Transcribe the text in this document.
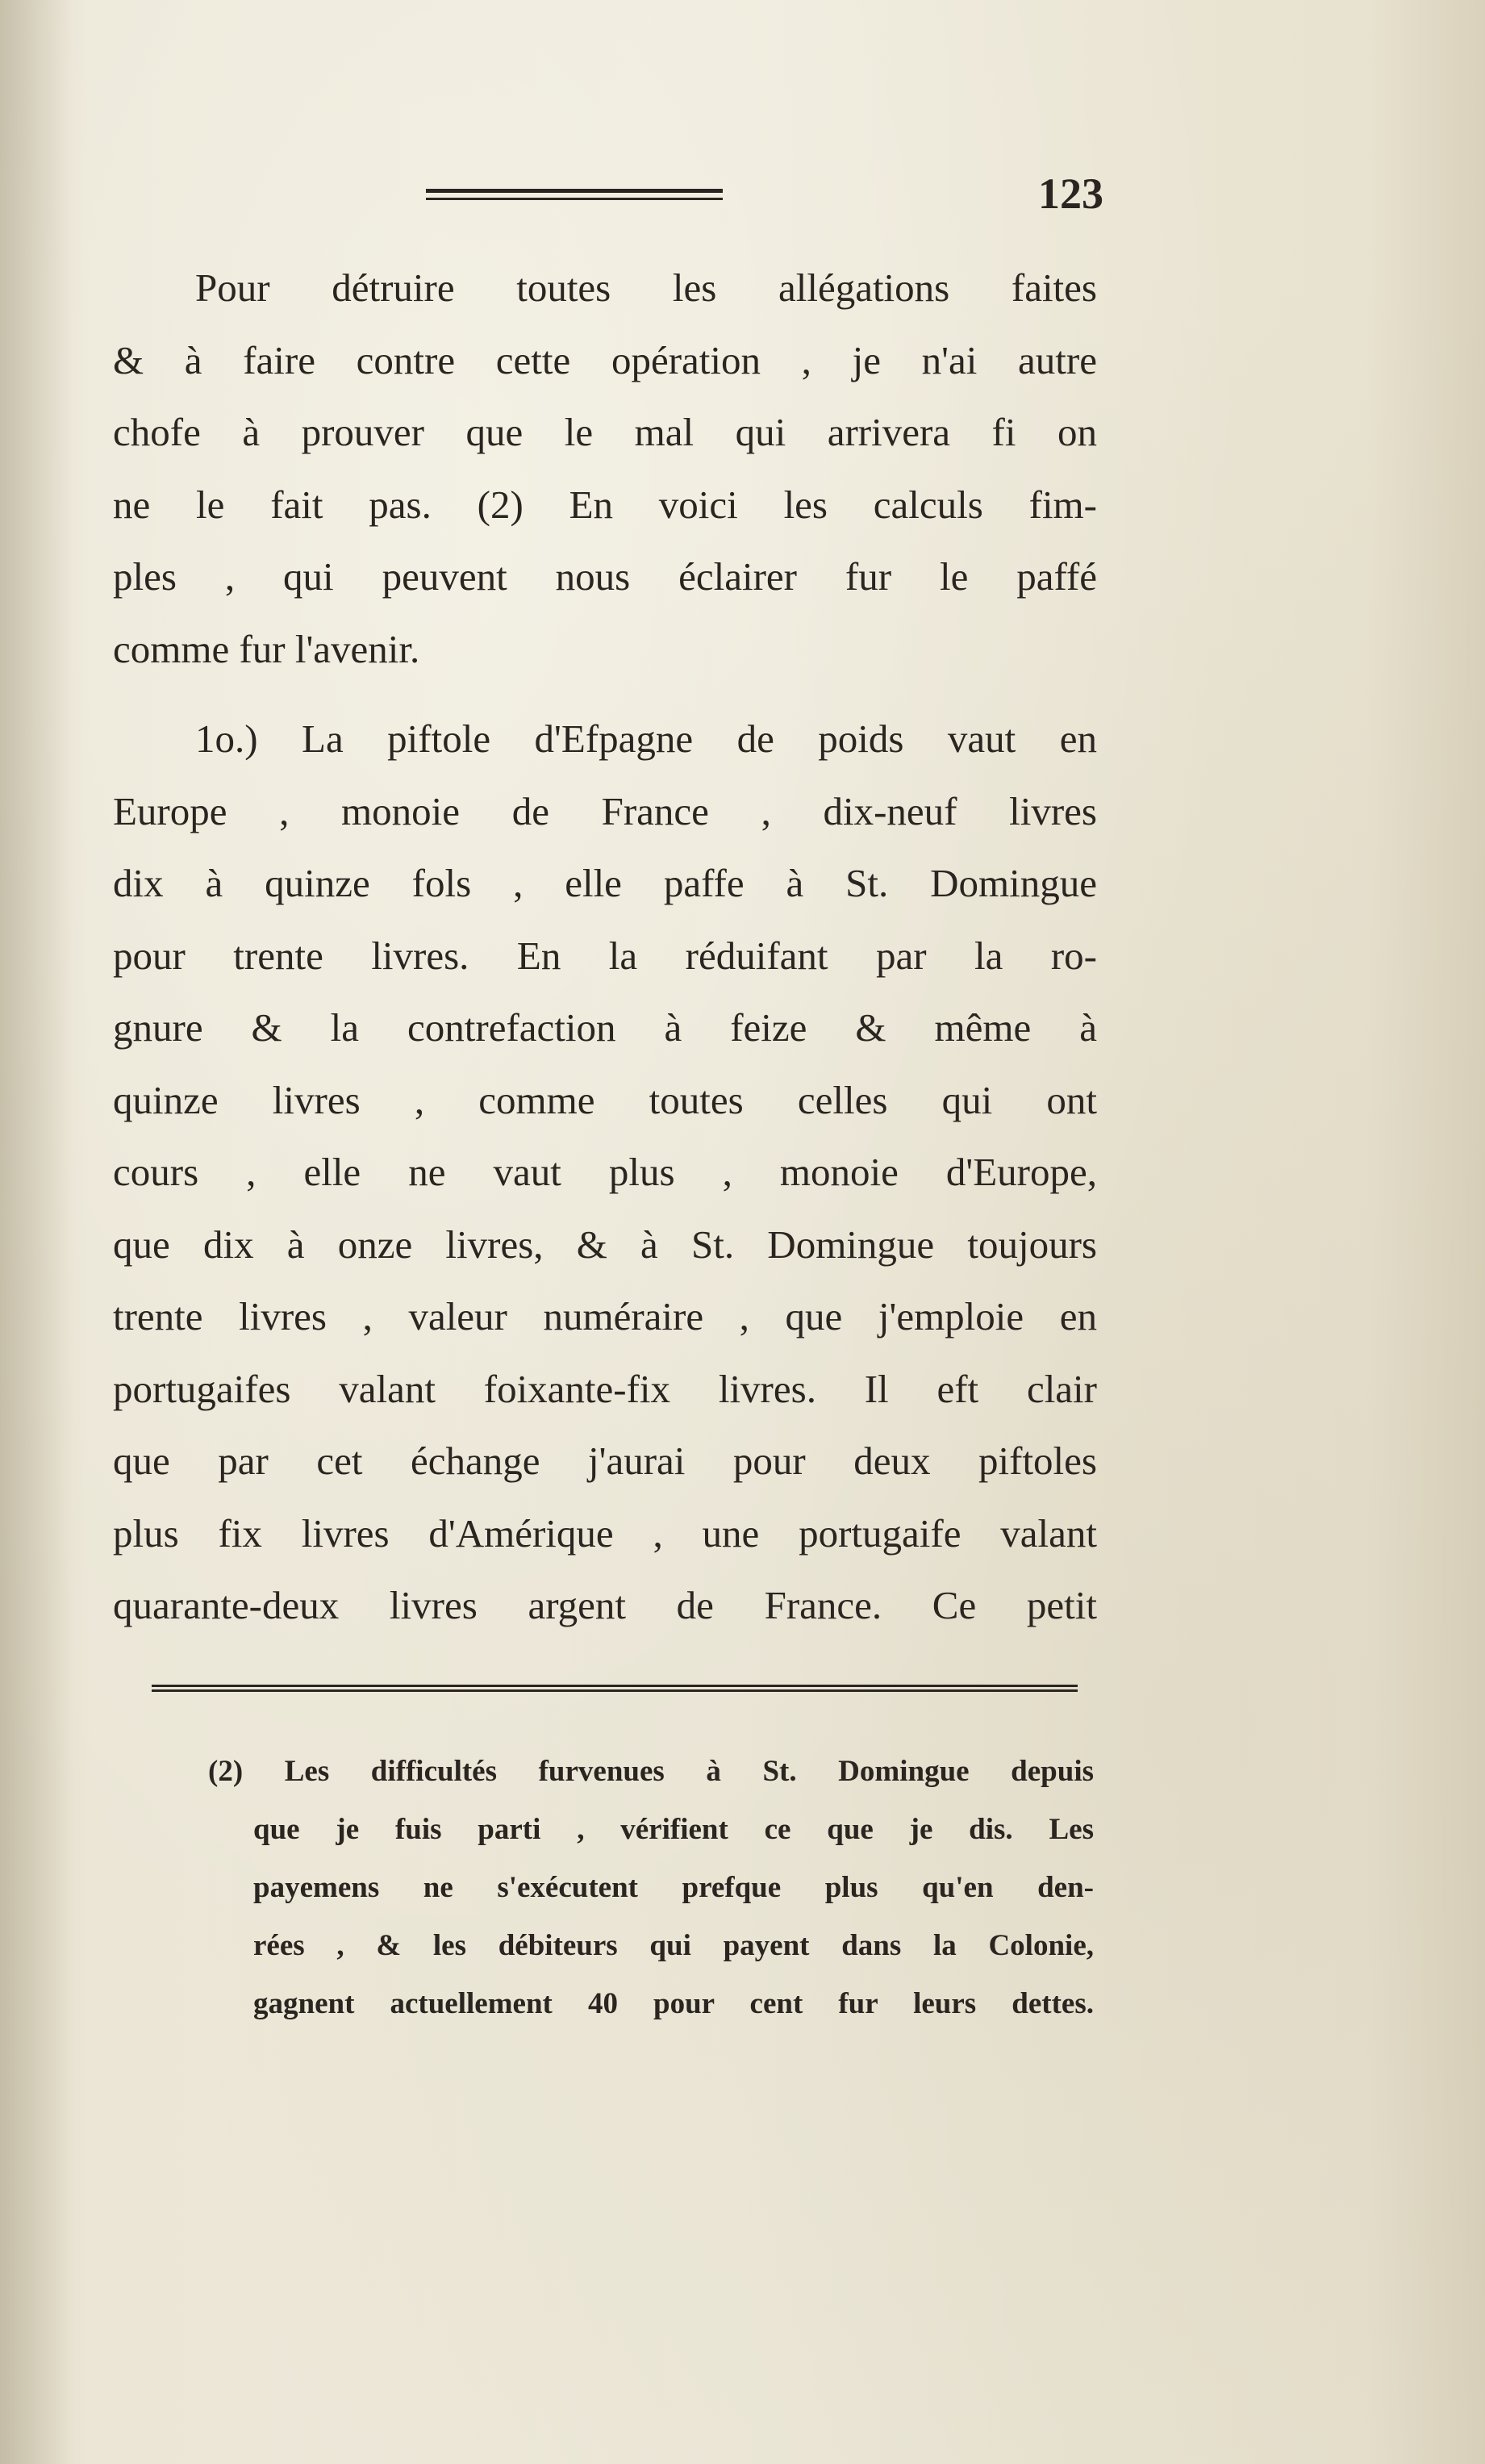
123
Pour détruire toutes les allégations faites
& à faire contre cette opération , je n'ai autre
chofe à prouver que le mal qui arrivera fi on
ne le fait pas. (2) En voici les calculs fim-
ples , qui peuvent nous éclairer fur le paffé
comme fur l'avenir.
1o.) La piftole d'Efpagne de poids vaut en
Europe , monoie de France , dix-neuf livres
dix à quinze fols , elle paffe à St. Domingue
pour trente livres. En la réduifant par la ro-
gnure & la contrefaction à feize & même à
quinze livres , comme toutes celles qui ont
cours , elle ne vaut plus , monoie d'Europe,
que dix à onze livres, & à St. Domingue toujours
trente livres , valeur numéraire , que j'emploie en
portugaifes valant foixante-fix livres. Il eft clair
que par cet échange j'aurai pour deux piftoles
plus fix livres d'Amérique , une portugaife valant
quarante-deux livres argent de France. Ce petit
(2) Les difficultés furvenues à St. Domingue depuis
que je fuis parti , vérifient ce que je dis. Les
payemens ne s'exécutent prefque plus qu'en den-
rées , & les débiteurs qui payent dans la Colonie,
gagnent actuellement 40 pour cent fur leurs dettes.
